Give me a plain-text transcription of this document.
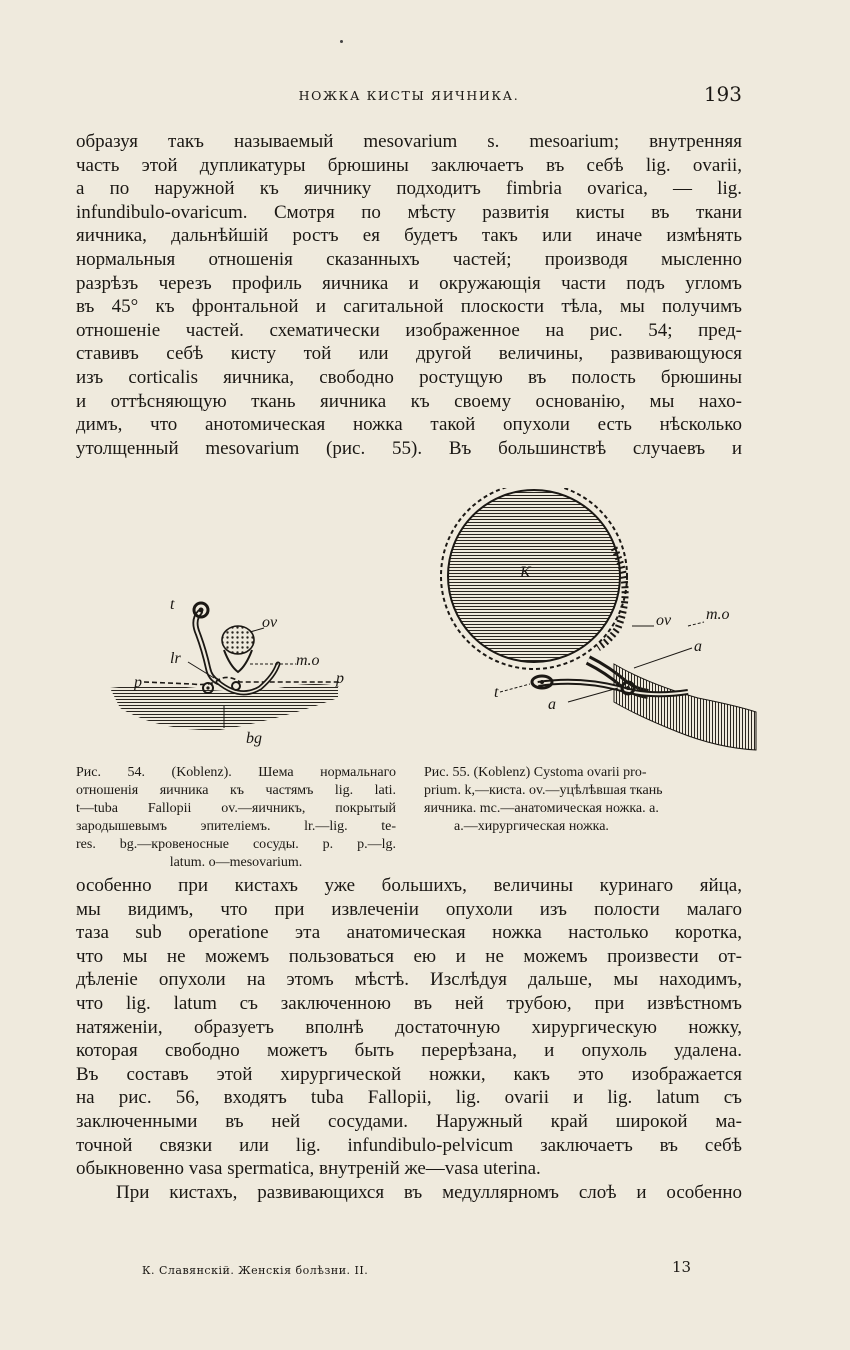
НОЖКА КИСТЫ ЯИЧНИКА.	193
образуя такъ называемый mesovarium s. mesoarium; внутренняя
часть этой дупликатуры брюшины заключаетъ въ себѣ lig. ovarii,
а по наружной къ яичнику подходитъ fimbria ovarica, — lig.
infundibulo-ovaricum. Смотря по мѣсту развитія кисты въ ткани
яичника, дальнѣйшій ростъ ея будетъ такъ или иначе измѣнять
нормальныя отношенія сказанныхъ частей; производя мысленно
разрѣзъ черезъ профиль яичника и окружающія части подъ угломъ
въ 45° къ фронтальной и сагитальной плоскости тѣла, мы получимъ
отношеніе частей. схематически изображенное на рис. 54; пред-
ставивъ себѣ кисту той или другой величины, развивающуюся
изъ corticalis яичника, свободно ростущую въ полость брюшины
и оттѣсняющую ткань яичника къ своему основанію, мы нахо-
димъ, что анотомическая ножка такой опухоли есть нѣсколько
утолщенный mesovarium (рис. 55). Въ большинствѣ случаевъ и
t
ov
lr	m.o
p	p
bg
Рис. 54. (Koblenz). Шема нормальнаго
отношенія яичника къ частямъ lig. lati.
t—tuba Fallopii ov.—яичникъ, покрытый
зародышевымъ эпителіемъ. lr.—lig. te-
res. bg.—кровеносные сосуды. p. p.—lg.
latum. o—mesovarium.
K
ov m.o
a
t
a
Рис. 55. (Koblenz) Cystoma ovarii pro-
prium. k,—киста. ov.—уцѣлѣвшая ткань
яичника. mc.—анатомическая ножка. a.
a.—хирургическая ножка.
особенно при кистахъ уже большихъ, величины куринаго яйца,
мы видимъ, что при извлеченіи опухоли изъ полости малаго
таза sub operatione эта анатомическая ножка настолько коротка,
что мы не можемъ пользоваться ею и не можемъ произвести от-
дѣленіе опухоли на этомъ мѣстѣ. Изслѣдуя дальше, мы находимъ,
что lig. latum съ заключенною въ ней трубою, при извѣстномъ
натяженіи, образуетъ вполнѣ достаточную хирургическую ножку,
которая свободно можетъ быть перерѣзана, и опухоль удалена.
Въ составъ этой хирургической ножки, какъ это изображается
на рис. 56, входятъ tuba Fallopii, lig. ovarii и lig. latum съ
заключенными въ ней сосудами. Наружный край широкой ма-
точной связки или lig. infundibulo-pelvicum заключаетъ въ себѣ
обыкновенно vasa spermatica, внутреній же—vasa uterina.
При кистахъ, развивающихся въ медуллярномъ слоѣ и особенно
К. Славянскій. Женскія болѣзни. II.	13
